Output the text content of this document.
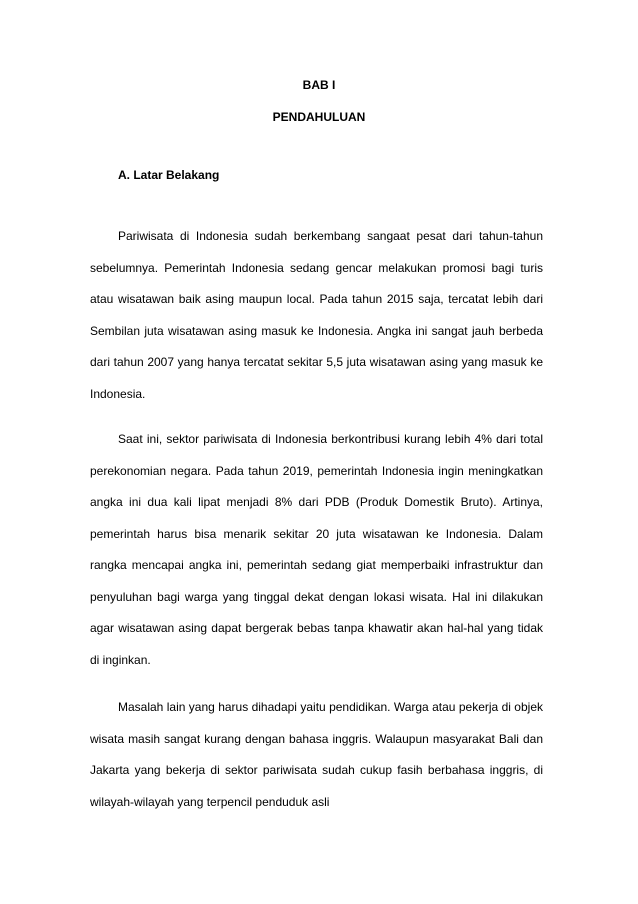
BAB I
PENDAHULUAN
A. Latar Belakang

Pariwisata di Indonesia sudah berkembang sangaat pesat dari tahun-tahun sebelumnya. Pemerintah Indonesia sedang gencar melakukan promosi bagi turis atau wisatawan baik asing maupun local. Pada tahun 2015 saja, tercatat lebih dari Sembilan juta wisatawan asing masuk ke Indonesia. Angka ini sangat jauh berbeda dari tahun 2007 yang hanya tercatat sekitar 5,5 juta wisatawan asing yang masuk ke Indonesia.

Saat ini, sektor pariwisata di Indonesia berkontribusi kurang lebih 4% dari total perekonomian negara. Pada tahun 2019, pemerintah Indonesia ingin meningkatkan angka ini dua kali lipat menjadi 8% dari PDB (Produk Domestik Bruto). Artinya, pemerintah harus bisa menarik sekitar 20 juta wisatawan ke Indonesia. Dalam rangka mencapai angka ini, pemerintah sedang giat memperbaiki infrastruktur dan penyuluhan bagi warga yang tinggal dekat dengan lokasi wisata. Hal ini dilakukan agar wisatawan asing dapat bergerak bebas tanpa khawatir akan hal-hal yang tidak di inginkan.

Masalah lain yang harus dihadapi yaitu pendidikan. Warga atau pekerja di objek wisata masih sangat kurang dengan bahasa inggris. Walaupun masyarakat Bali dan Jakarta yang bekerja di sektor pariwisata sudah cukup fasih berbahasa inggris, di wilayah-wilayah yang terpencil penduduk asli
